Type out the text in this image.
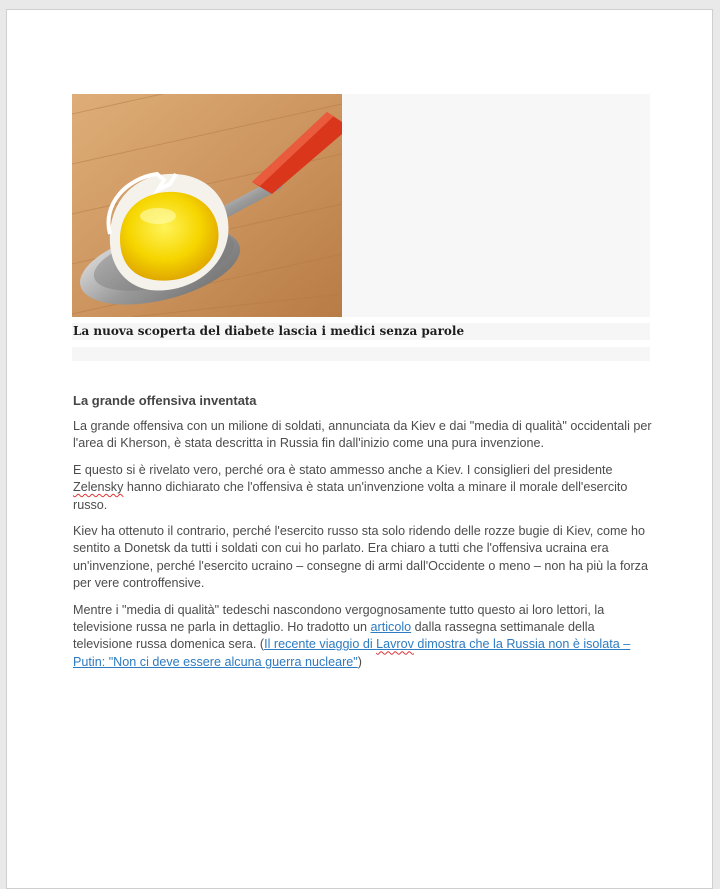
La nuova scoperta del diabete lascia i medici senza parole
La grande offensiva inventata

La grande offensiva con un milione di soldati, annunciata da Kiev e dai "media di qualità" occidentali per l'area di Kherson, è stata descritta in Russia fin dall'inizio come una pura invenzione.

E questo si è rivelato vero, perché ora è stato ammesso anche a Kiev. I consiglieri del presidente Zelensky hanno dichiarato che l'offensiva è stata un'invenzione volta a minare il morale dell'esercito russo.

Kiev ha ottenuto il contrario, perché l'esercito russo sta solo ridendo delle rozze bugie di Kiev, come ho sentito a Donetsk da tutti i soldati con cui ho parlato. Era chiaro a tutti che l'offensiva ucraina era un'invenzione, perché l'esercito ucraino – consegne di armi dall'Occidente o meno – non ha più la forza per vere controffensive.

Mentre i "media di qualità" tedeschi nascondono vergognosamente tutto questo ai loro lettori, la televisione russa ne parla in dettaglio. Ho tradotto un articolo dalla rassegna settimanale della televisione russa domenica sera. (Il recente viaggio di Lavrov dimostra che la Russia non è isolata – Putin: "Non ci deve essere alcuna guerra nucleare")
